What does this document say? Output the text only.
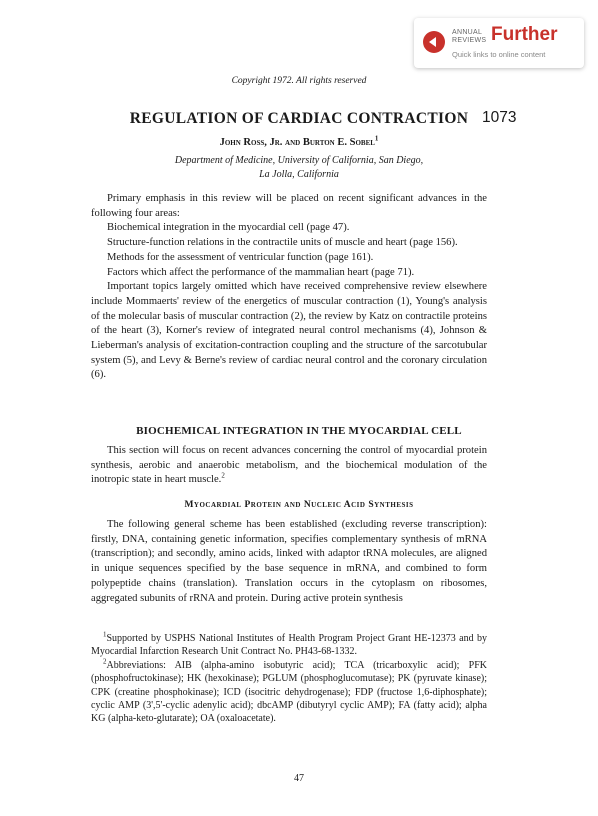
ANNUAL
REVIEWS Further
Quick links to online content
Copyright 1972. All rights reserved
REGULATION OF CARDIAC CONTRACTION 1073
John Ross, Jr. and Burton E. Sobel$^1$
Department of Medicine, University of California, San Diego,
La Jolla, California

Primary emphasis in this review will be placed on recent significant advances in the following four areas:

Biochemical integration in the myocardial cell (page 47).

Structure-function relations in the contractile units of muscle and heart (page 156).

Methods for the assessment of ventricular function (page 161).

Factors which affect the performance of the mammalian heart (page 71).

Important topics largely omitted which have received comprehensive review elsewhere include Mommaerts' review of the energetics of muscular contraction (1), Young's analysis of the molecular basis of muscular contraction (2), the review by Katz on contractile proteins of the heart (3), Korner's review of integrated neural control mechanisms (4), Johnson & Lieberman's analysis of excitation-contraction coupling and the structure of the sarcotubular system (5), and Levy & Berne's review of cardiac neural control and the coronary circulation (6).

BIOCHEMICAL INTEGRATION IN THE MYOCARDIAL CELL

This section will focus on recent advances concerning the control of myocardial protein synthesis, aerobic and anaerobic metabolism, and the biochemical modulation of the inotropic state in heart muscle.$^2$

Myocardial Protein and Nucleic Acid Synthesis

The following general scheme has been established (excluding reverse transcription): firstly, DNA, containing genetic information, specifies complementary synthesis of mRNA (transcription); and secondly, amino acids, linked with adaptor tRNA molecules, are aligned in unique sequences specified by the base sequence in mRNA, and combined to form polypeptide chains (translation). Translation occurs in the cytoplasm on ribosomes, aggregated subunits of rRNA and protein. During active protein synthesis

$^1$Supported by USPHS National Institutes of Health Program Project Grant HE-12373 and by Myocardial Infarction Research Unit Contract No. PH43-68-1332.

$^2$Abbreviations: AIB (alpha-amino isobutyric acid); TCA (tricarboxylic acid); PFK (phosphofructokinase); HK (hexokinase); PGLUM (phosphoglucomutase); PK (pyruvate kinase); CPK (creatine phosphokinase); ICD (isocitric dehydrogenase); FDP (fructose 1,6-diphosphate); cyclic AMP (3',5'-cyclic adenylic acid); dbcAMP (dibutyryl cyclic AMP); FA (fatty acid); alpha KG (alpha-keto-glutarate); OA (oxaloacetate).

47
